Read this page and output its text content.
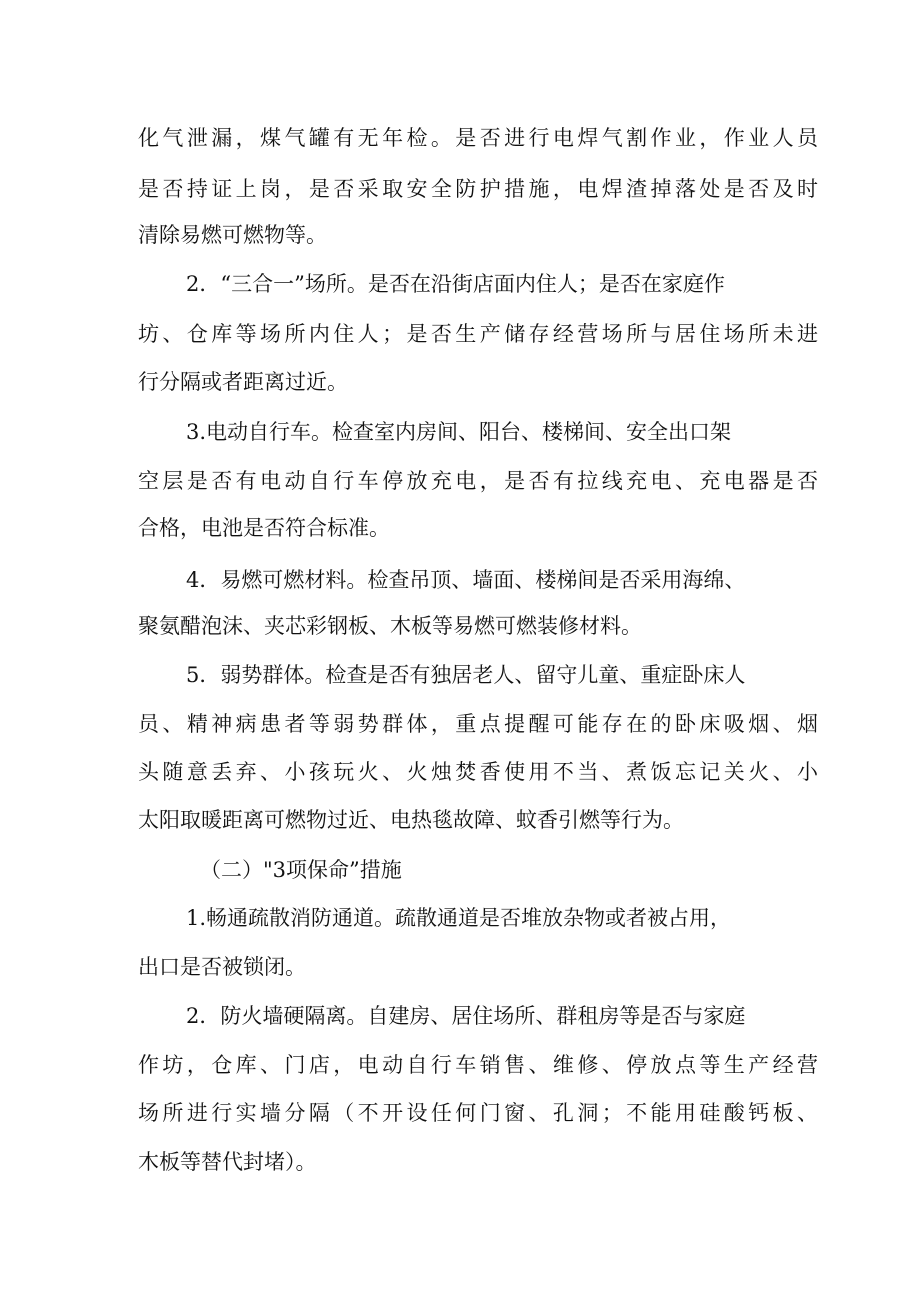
化气泄漏，煤气罐有无年检。是否进行电焊气割作业，作业人员
是否持证上岗，是否采取安全防护措施，电焊渣掉落处是否及时
清除易燃可燃物等。
2．“三合一”场所。是否在沿街店面内住人；是否在家庭作
坊、仓库等场所内住人；是否生产储存经营场所与居住场所未进
行分隔或者距离过近。
3.电动自行车。检查室内房间、阳台、楼梯间、安全出口架
空层是否有电动自行车停放充电，是否有拉线充电、充电器是否
合格，电池是否符合标准。
4．易燃可燃材料。检查吊顶、墙面、楼梯间是否采用海绵、
聚氨醋泡沫、夹芯彩钢板、木板等易燃可燃装修材料。
5．弱势群体。检查是否有独居老人、留守儿童、重症卧床人
员、精神病患者等弱势群体，重点提醒可能存在的卧床吸烟、烟
头随意丢弃、小孩玩火、火烛焚香使用不当、煮饭忘记关火、小
太阳取暖距离可燃物过近、电热毯故障、蚊香引燃等行为。
（二）"3项保命”措施
1.畅通疏散消防通道。疏散通道是否堆放杂物或者被占用，
出口是否被锁闭。
2．防火墙硬隔离。自建房、居住场所、群租房等是否与家庭
作坊，仓库、门店，电动自行车销售、维修、停放点等生产经营
场所进行实墙分隔（不开设任何门窗、孔洞；不能用硅酸钙板、
木板等替代封堵）。
